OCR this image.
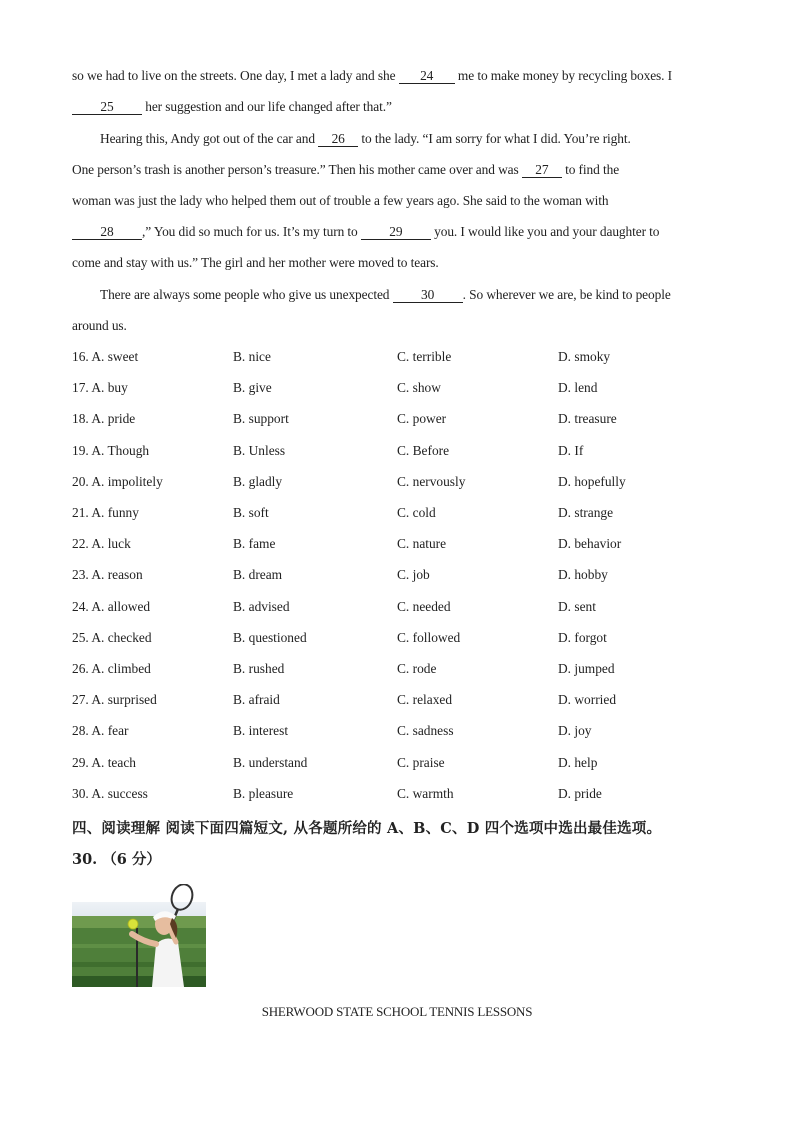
so we had to live on the streets. One day, I met a lady and she 24 me to make money by recycling boxes. I
25 her suggestion and our life changed after that.”
Hearing this, Andy got out of the car and 26 to the lady. “I am sorry for what I did. You’re right.
One person’s trash is another person’s treasure.” Then his mother came over and was 27 to find the
woman was just the lady who helped them out of trouble a few years ago. She said to the woman with
28 ,” You did so much for us. It’s my turn to 29 you. I would like you and your daughter to
come and stay with us.” The girl and her mother were moved to tears.
There are always some people who give us unexpected 30 . So wherever we are, be kind to people
around us.
16. A. sweet	B. nice	C. terrible	D. smoky
17. A. buy	B. give	C. show	D. lend
18. A. pride	B. support	C. power	D. treasure
19. A. Though	B. Unless	C. Before	D. If
20. A. impolitely	B. gladly	C. nervously	D. hopefully
21. A. funny	B. soft	C. cold	D. strange
22. A. luck	B. fame	C. nature	D. behavior
23. A. reason	B. dream	C. job	D. hobby
24. A. allowed	B. advised	C. needed	D. sent
25. A. checked	B. questioned	C. followed	D. forgot
26. A. climbed	B. rushed	C. rode	D. jumped
27. A. surprised	B. afraid	C. relaxed	D. worried
28. A. fear	B. interest	C. sadness	D. joy
29. A. teach	B. understand	C. praise	D. help
30. A. success	B. pleasure	C. warmth	D. pride
四、阅读理解 阅读下面四篇短文, 从各题所给的 A、B、C、D 四个选项中选出最佳选项。
30. （6 分）
SHERWOOD STATE SCHOOL TENNIS LESSONS
